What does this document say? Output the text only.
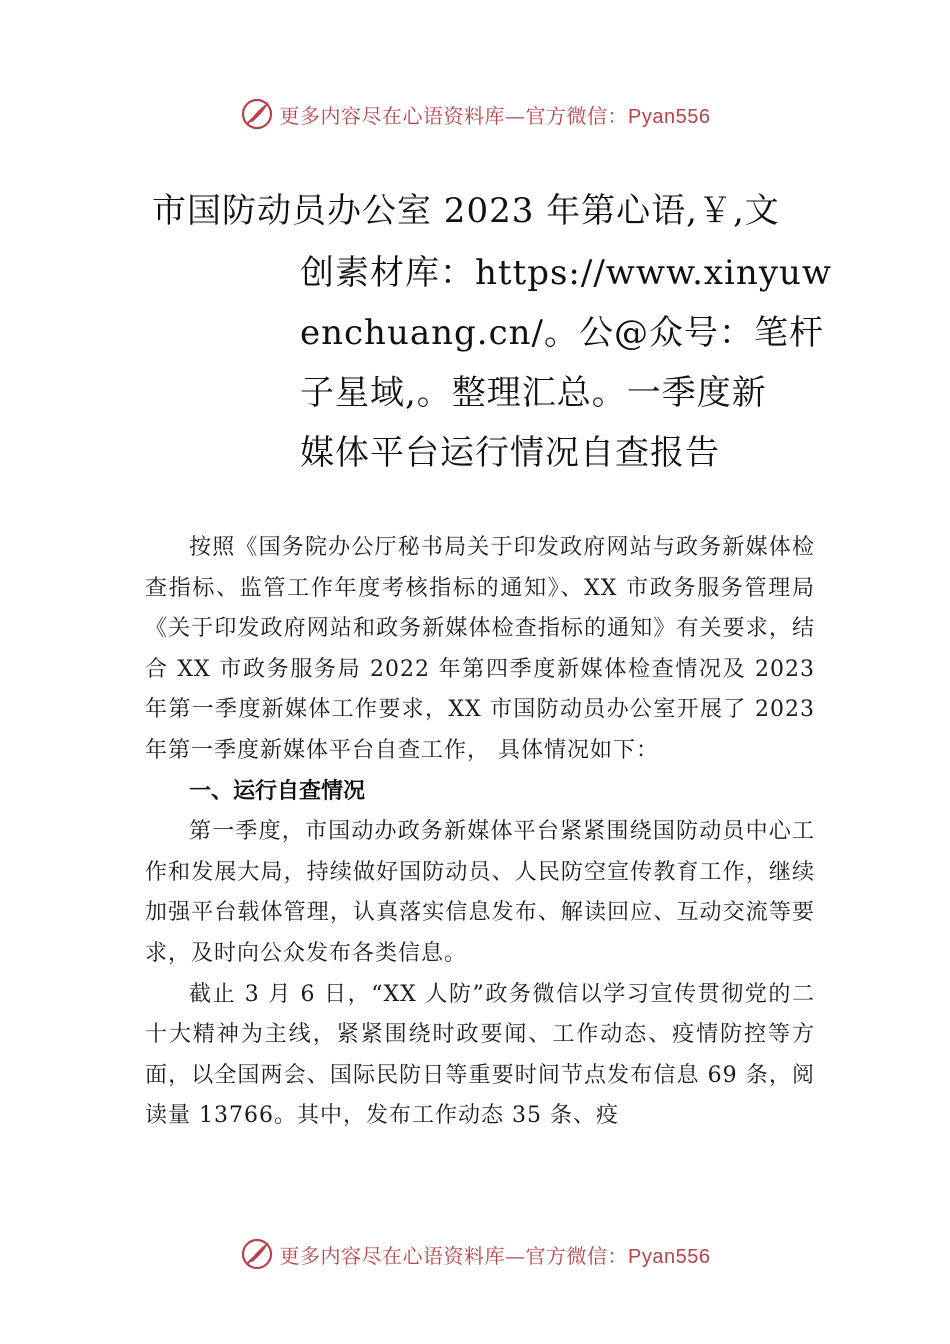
更多内容尽在心语资料库—官方微信：Pyan556
市国防动员办公室 2023 年第心语,￥,文
创素材库：https://www.xinyuw
enchuang.cn/。公@众号：笔杆
子星域,。整理汇总。一季度新
媒体平台运行情况自查报告

按照《国务院办公厅秘书局关于印发政府网站与政务新媒体检查指标、监管工作年度考核指标的通知》、XX 市政务服务管理局《关于印发政府网站和政务新媒体检查指标的通知》有关要求，结合 XX 市政务服务局 2022 年第四季度新媒体检查情况及 2023 年第一季度新媒体工作要求，XX 市国防动员办公室开展了 2023 年第一季度新媒体平台自查工作， 具体情况如下：

一、运行自查情况

第一季度，市国动办政务新媒体平台紧紧围绕国防动员中心工作和发展大局，持续做好国防动员、人民防空宣传教育工作，继续加强平台载体管理，认真落实信息发布、解读回应、互动交流等要求，及时向公众发布各类信息。

截止 3 月 6 日，“XX 人防”政务微信以学习宣传贯彻党的二十大精神为主线，紧紧围绕时政要闻、工作动态、疫情防控等方面，以全国两会、国际民防日等重要时间节点发布信息 69 条，阅读量 13766。其中，发布工作动态 35 条、疫

更多内容尽在心语资料库—官方微信：Pyan556
